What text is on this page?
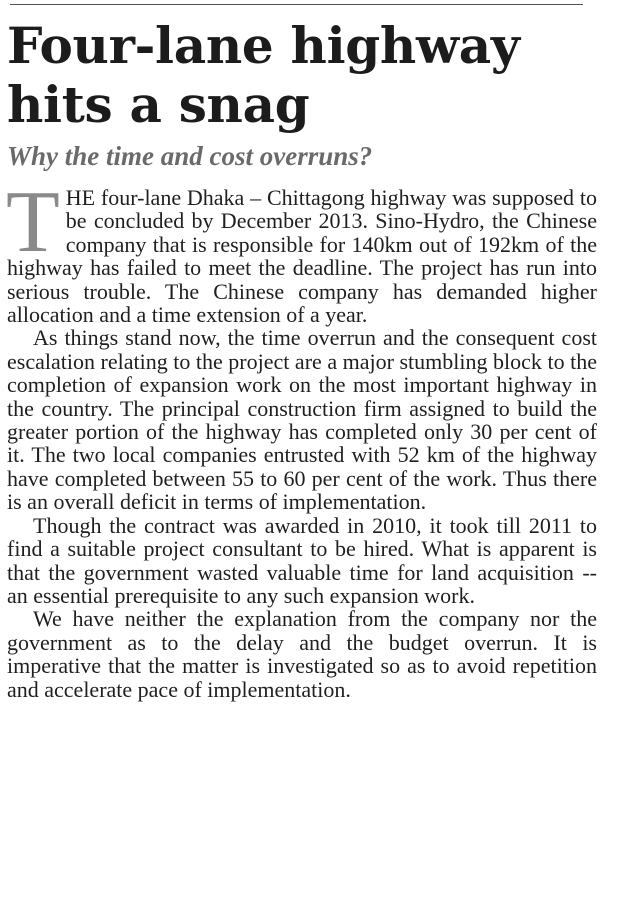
Four-lane highway hits a snag
Why the time and cost overruns?

THE four-lane Dhaka – Chittagong highway was supposed to be concluded by December 2013. Sino-Hydro, the Chinese company that is responsible for 140km out of 192km of the highway has failed to meet the deadline. The project has run into serious trouble. The Chinese company has demanded higher allocation and a time extension of a year.

As things stand now, the time overrun and the consequent cost escalation relating to the project are a major stumbling block to the completion of expansion work on the most important highway in the country. The principal construction firm assigned to build the greater portion of the highway has completed only 30 per cent of it. The two local companies entrusted with 52 km of the highway have completed between 55 to 60 per cent of the work. Thus there is an overall deficit in terms of implementation.

Though the contract was awarded in 2010, it took till 2011 to find a suitable project consultant to be hired. What is apparent is that the government wasted valuable time for land acquisition -- an essential prerequisite to any such expansion work.

We have neither the explanation from the company nor the government as to the delay and the budget overrun. It is imperative that the matter is investigated so as to avoid repetition and accelerate pace of implementation.
